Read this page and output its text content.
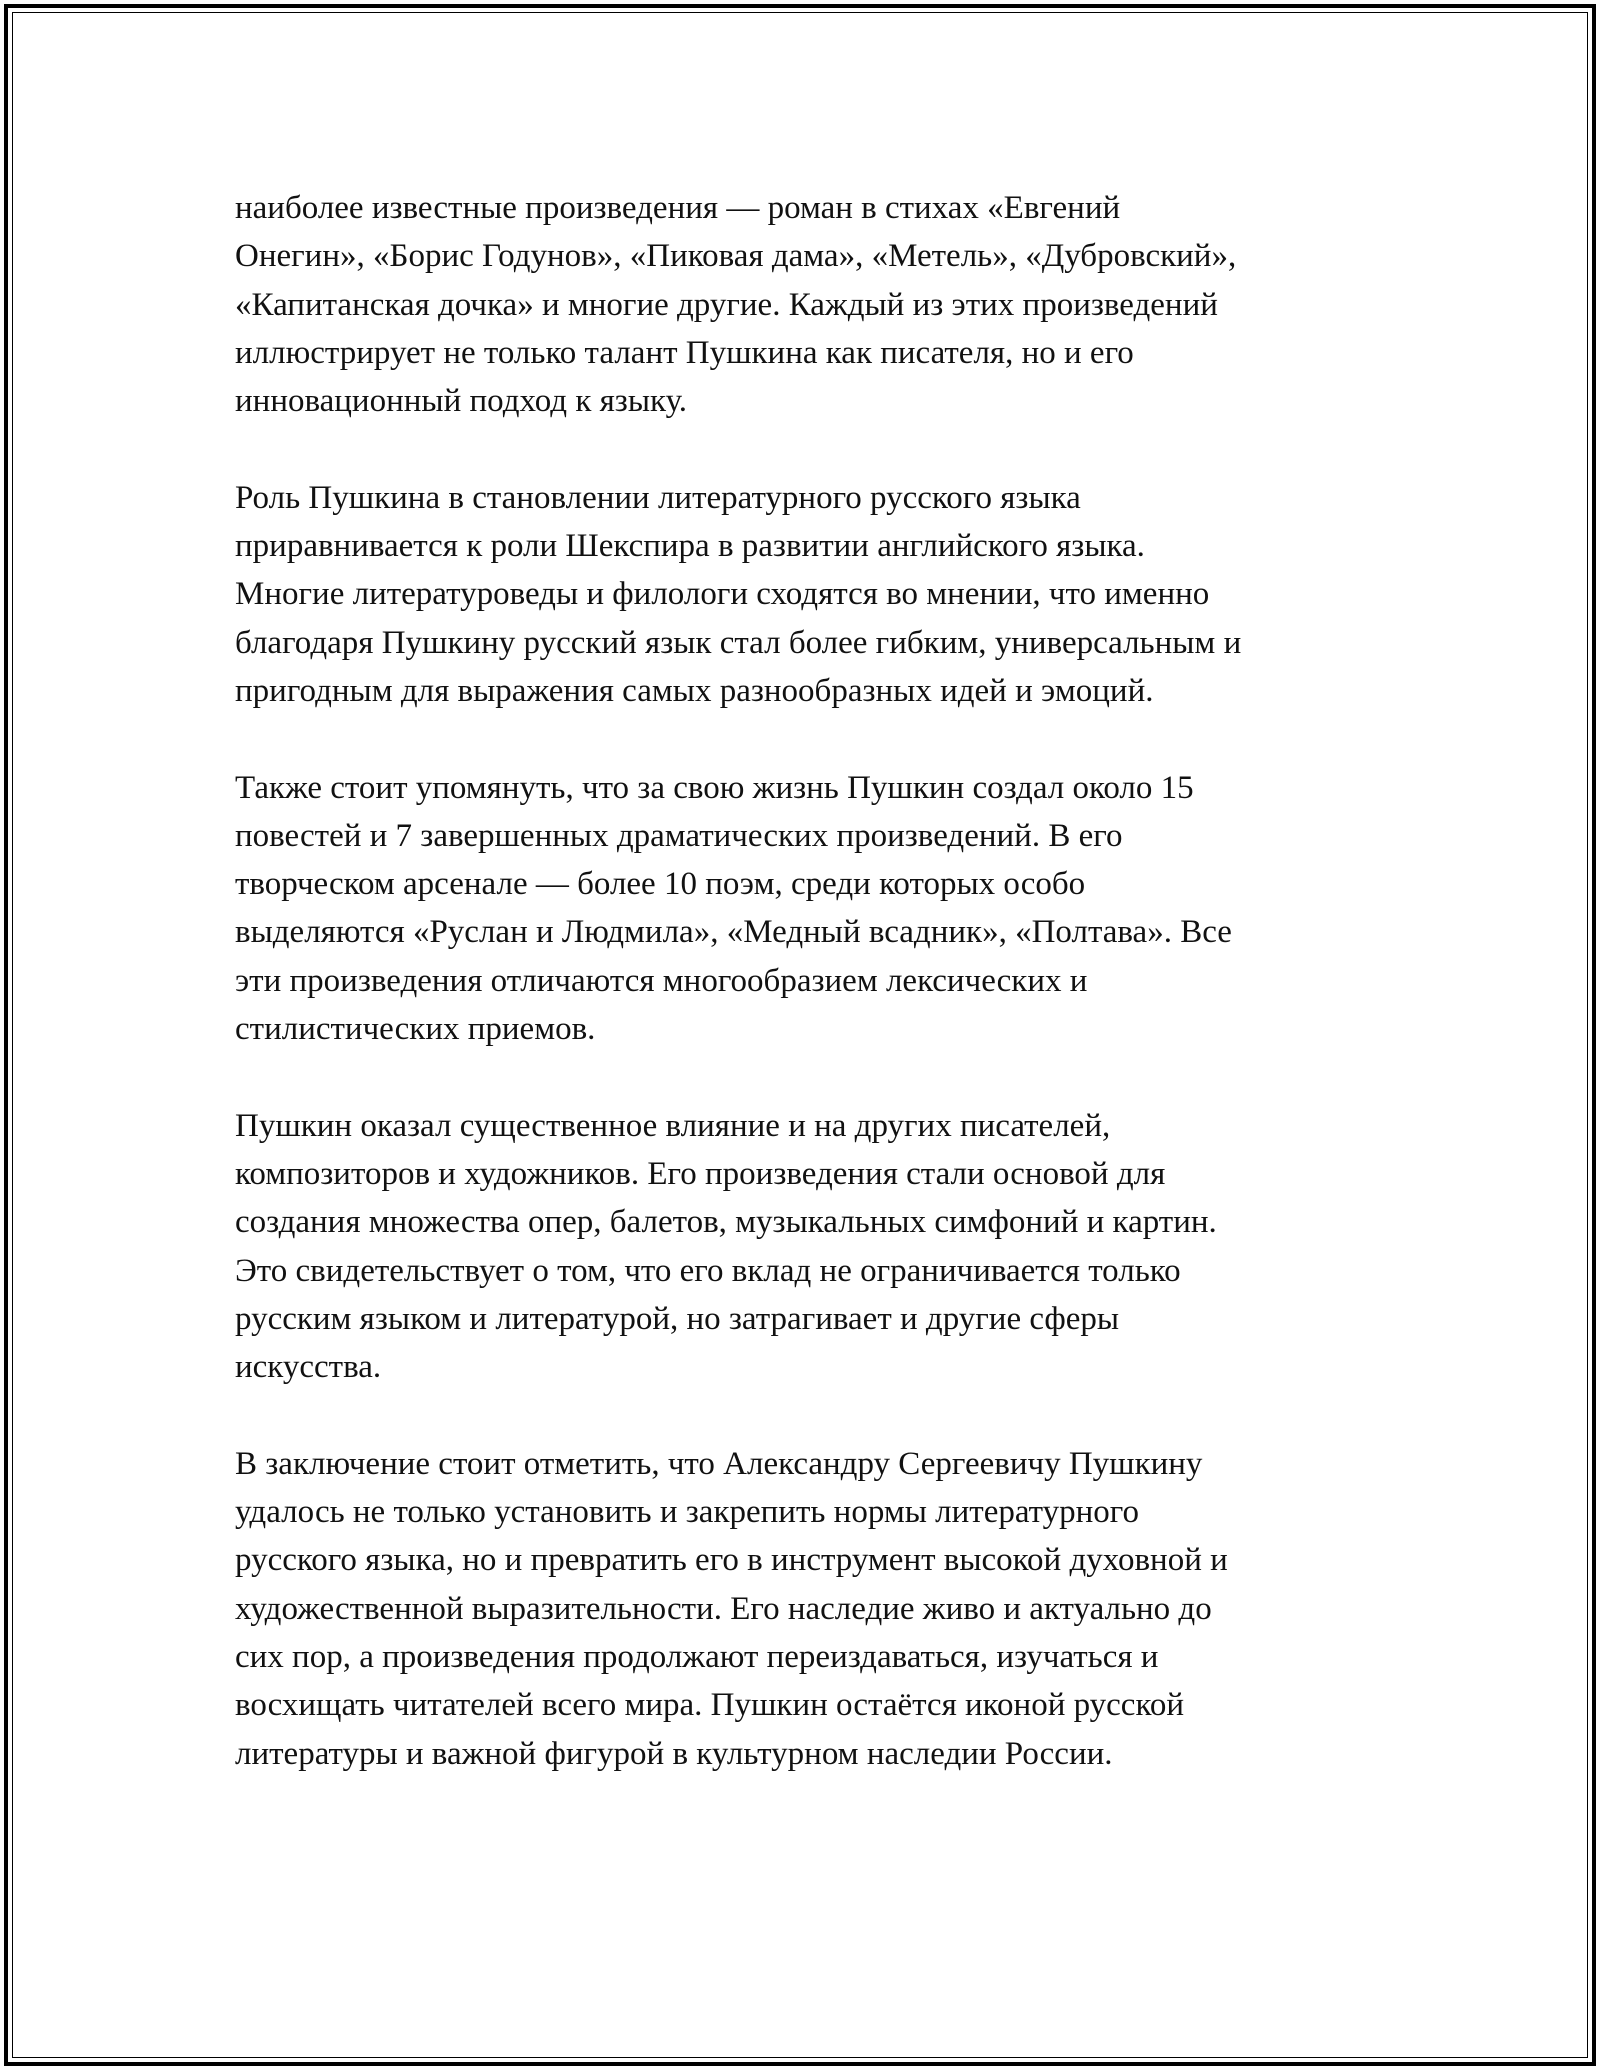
наиболее известные произведения — роман в стихах «Евгений
Онегин», «Борис Годунов», «Пиковая дама», «Метель», «Дубровский»,
«Капитанская дочка» и многие другие. Каждый из этих произведений
иллюстрирует не только талант Пушкина как писателя, но и его
инновационный подход к языку.

Роль Пушкина в становлении литературного русского языка
приравнивается к роли Шекспира в развитии английского языка.
Многие литературоведы и филологи сходятся во мнении, что именно
благодаря Пушкину русский язык стал более гибким, универсальным и
пригодным для выражения самых разнообразных идей и эмоций.

Также стоит упомянуть, что за свою жизнь Пушкин создал около 15
повестей и 7 завершенных драматических произведений. В его
творческом арсенале — более 10 поэм, среди которых особо
выделяются «Руслан и Людмила», «Медный всадник», «Полтава». Все
эти произведения отличаются многообразием лексических и
стилистических приемов.

Пушкин оказал существенное влияние и на других писателей,
композиторов и художников. Его произведения стали основой для
создания множества опер, балетов, музыкальных симфоний и картин.
Это свидетельствует о том, что его вклад не ограничивается только
русским языком и литературой, но затрагивает и другие сферы
искусства.

В заключение стоит отметить, что Александру Сергеевичу Пушкину
удалось не только установить и закрепить нормы литературного
русского языка, но и превратить его в инструмент высокой духовной и
художественной выразительности. Его наследие живо и актуально до
сих пор, а произведения продолжают переиздаваться, изучаться и
восхищать читателей всего мира. Пушкин остаётся иконой русской
литературы и важной фигурой в культурном наследии России.
